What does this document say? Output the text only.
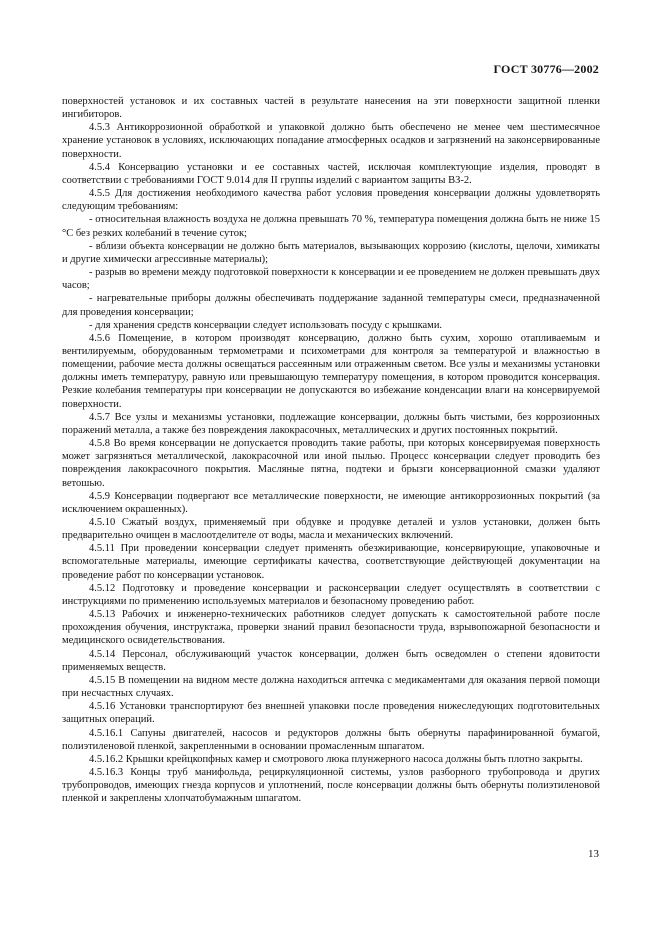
ГОСТ 30776—2002

поверхностей установок и их составных частей в результате нанесения на эти поверхности защитной пленки ингибиторов.

4.5.3 Антикоррозионной обработкой и упаковкой должно быть обеспечено не менее чем шестимесячное хранение установок в условиях, исключающих попадание атмосферных осадков и загрязнений на законсервированные поверхности.

4.5.4 Консервацию установки и ее составных частей, исключая комплектующие изделия, проводят в соответствии с требованиями ГОСТ 9.014 для II группы изделий с вариантом защиты ВЗ-2.

4.5.5 Для достижения необходимого качества работ условия проведения консервации должны удовлетворять следующим требованиям:

- относительная влажность воздуха не должна превышать 70 %, температура помещения должна быть не ниже 15 °С без резких колебаний в течение суток;

- вблизи объекта консервации не должно быть материалов, вызывающих коррозию (кислоты, щелочи, химикаты и другие химически агрессивные материалы);

- разрыв во времени между подготовкой поверхности к консервации и ее проведением не должен превышать двух часов;

- нагревательные приборы должны обеспечивать поддержание заданной температуры смеси, предназначенной для проведения консервации;

- для хранения средств консервации следует использовать посуду с крышками.

4.5.6 Помещение, в котором производят консервацию, должно быть сухим, хорошо отапливаемым и вентилируемым, оборудованным термометрами и психометрами для контроля за температурой и влажностью в помещении, рабочие места должны освещаться рассеянным или отраженным светом. Все узлы и механизмы установки должны иметь температуру, равную или превышающую температуру помещения, в котором проводится консервация. Резкие колебания температуры при консервации не допускаются во избежание конденсации влаги на консервируемой поверхности.

4.5.7 Все узлы и механизмы установки, подлежащие консервации, должны быть чистыми, без коррозионных поражений металла, а также без повреждения лакокрасочных, металлических и других постоянных покрытий.

4.5.8 Во время консервации не допускается проводить такие работы, при которых консервируемая поверхность может загрязняться металлической, лакокрасочной или иной пылью. Процесс консервации следует проводить без повреждения лакокрасочного покрытия. Масляные пятна, подтеки и брызги консервационной смазки удаляют ветошью.

4.5.9 Консервации подвергают все металлические поверхности, не имеющие антикоррозионных покрытий (за исключением окрашенных).

4.5.10 Сжатый воздух, применяемый при обдувке и продувке деталей и узлов установки, должен быть предварительно очищен в маслоотделителе от воды, масла и механических включений.

4.5.11 При проведении консервации следует применять обезжиривающие, консервирующие, упаковочные и вспомогательные материалы, имеющие сертификаты качества, соответствующие действующей документации на проведение работ по консервации установок.

4.5.12 Подготовку и проведение консервации и расконсервации следует осуществлять в соответствии с инструкциями по применению используемых материалов и безопасному проведению работ.

4.5.13 Рабочих и инженерно-технических работников следует допускать к самостоятельной работе после прохождения обучения, инструктажа, проверки знаний правил безопасности труда, взрывопожарной безопасности и медицинского освидетельствования.

4.5.14 Персонал, обслуживающий участок консервации, должен быть осведомлен о степени ядовитости применяемых веществ.

4.5.15 В помещении на видном месте должна находиться аптечка с медикаментами для оказания первой помощи при несчастных случаях.

4.5.16 Установки транспортируют без внешней упаковки после проведения нижеследующих подготовительных защитных операций.

4.5.16.1 Сапуны двигателей, насосов и редукторов должны быть обернуты парафинированной бумагой, полиэтиленовой пленкой, закрепленными в основании промасленным шпагатом.

4.5.16.2 Крышки крейцкопфных камер и смотрового люка плунжерного насоса должны быть плотно закрыты.

4.5.16.3 Концы труб манифольда, рециркуляционной системы, узлов разборного трубопровода и других трубопроводов, имеющих гнезда корпусов и уплотнений, после консервации должны быть обернуты полиэтиленовой пленкой и закреплены хлопчатобумажным шпагатом.

13
